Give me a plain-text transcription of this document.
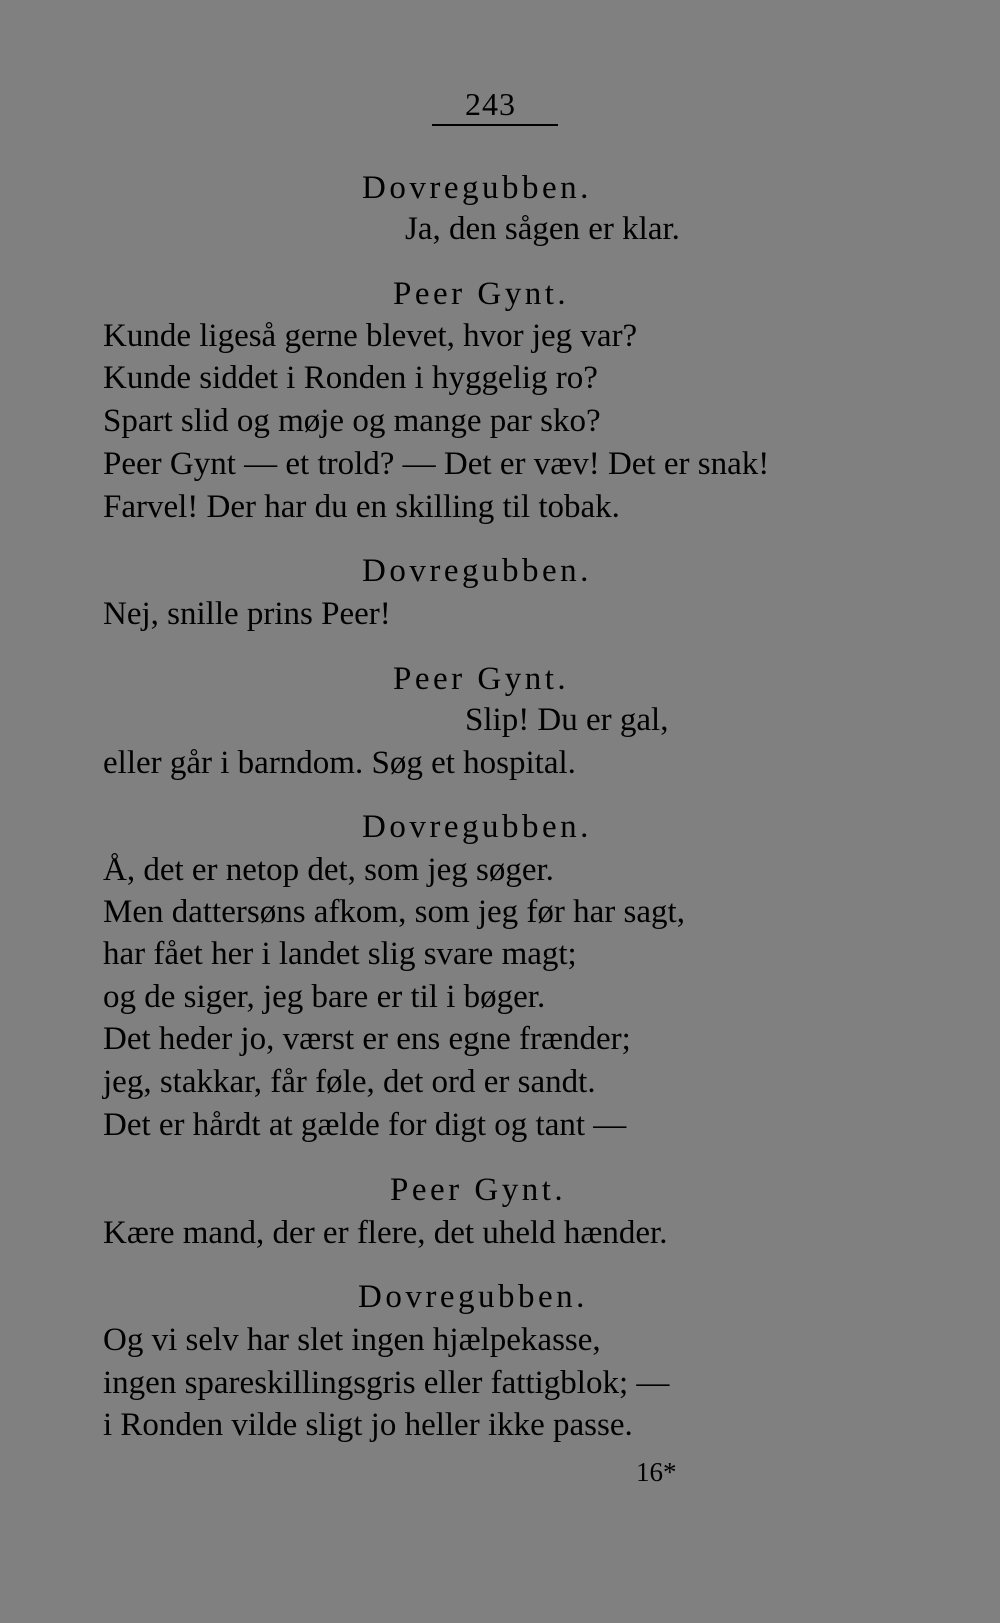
243
Dovregubben.
Ja, den sågen er klar.
Peer Gynt.
Kunde ligeså gerne blevet, hvor jeg var?
Kunde siddet i Ronden i hyggelig ro?
Spart slid og møje og mange par sko?
Peer Gynt — et trold? — Det er væv! Det er snak!
Farvel! Der har du en skilling til tobak.
Dovregubben.
Nej, snille prins Peer!
Peer Gynt.
Slip! Du er gal,
eller går i barndom. Søg et hospital.
Dovregubben.
Å, det er netop det, som jeg søger.
Men dattersøns afkom, som jeg før har sagt,
har fået her i landet slig svare magt;
og de siger, jeg bare er til i bøger.
Det heder jo, værst er ens egne frænder;
jeg, stakkar, får føle, det ord er sandt.
Det er hårdt at gælde for digt og tant —
Peer Gynt.
Kære mand, der er flere, det uheld hænder.
Dovregubben.
Og vi selv har slet ingen hjælpekasse,
ingen spareskillingsgris eller fattigblok; —
i Ronden vilde sligt jo heller ikke passe.
16*
